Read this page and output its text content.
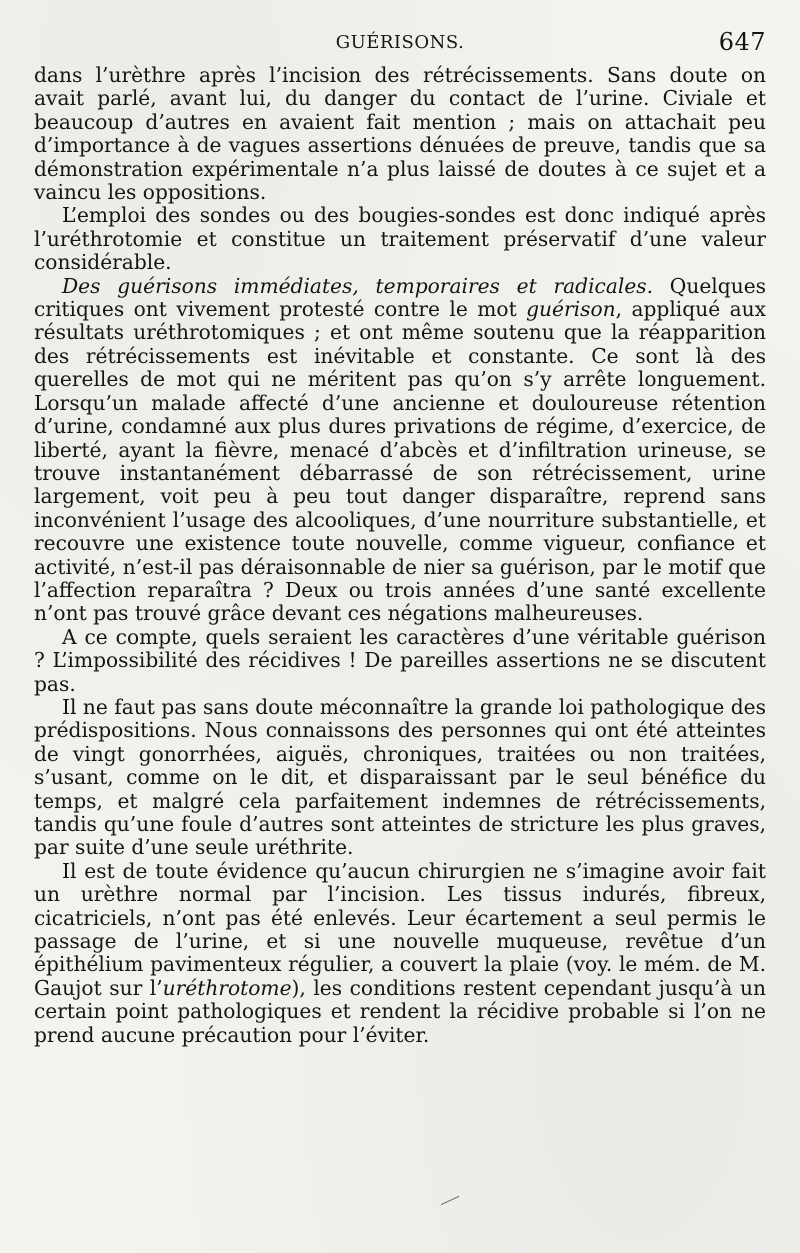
GUÉRISONS.	647

dans l’urèthre après l’incision des rétrécissements. Sans doute on avait parlé, avant lui, du danger du contact de l’urine. Civiale et beaucoup d’autres en avaient fait mention ; mais on attachait peu d’importance à de vagues assertions dénuées de preuve, tandis que sa démonstration expérimentale n’a plus laissé de doutes à ce sujet et a vaincu les oppositions.

L’emploi des sondes ou des bougies-sondes est donc indiqué après l’uréthrotomie et constitue un traitement préservatif d’une valeur considérable.

Des guérisons immédiates, temporaires et radicales. Quelques critiques ont vivement protesté contre le mot guérison, appliqué aux résultats uréthrotomiques ; et ont même soutenu que la réapparition des rétrécissements est inévitable et constante. Ce sont là des querelles de mot qui ne méritent pas qu’on s’y arrête longuement. Lorsqu’un malade affecté d’une ancienne et douloureuse rétention d’urine, condamné aux plus dures privations de régime, d’exercice, de liberté, ayant la fièvre, menacé d’abcès et d’infiltration urineuse, se trouve instantanément débarrassé de son rétrécissement, urine largement, voit peu à peu tout danger disparaître, reprend sans inconvénient l’usage des alcooliques, d’une nourriture substantielle, et recouvre une existence toute nouvelle, comme vigueur, confiance et activité, n’est-il pas déraisonnable de nier sa guérison, par le motif que l’affection reparaîtra ? Deux ou trois années d’une santé excellente n’ont pas trouvé grâce devant ces négations malheureuses.

A ce compte, quels seraient les caractères d’une véritable guérison ? L’impossibilité des récidives ! De pareilles assertions ne se discutent pas.

Il ne faut pas sans doute méconnaître la grande loi pathologique des prédispositions. Nous connaissons des personnes qui ont été atteintes de vingt gonorrhées, aiguës, chroniques, traitées ou non traitées, s’usant, comme on le dit, et disparaissant par le seul bénéfice du temps, et malgré cela parfaitement indemnes de rétrécissements, tandis qu’une foule d’autres sont atteintes de stricture les plus graves, par suite d’une seule uréthrite.

Il est de toute évidence qu’aucun chirurgien ne s’imagine avoir fait un urèthre normal par l’incision. Les tissus indurés, fibreux, cicatriciels, n’ont pas été enlevés. Leur écartement a seul permis le passage de l’urine, et si une nouvelle muqueuse, revêtue d’un épithélium pavimenteux régulier, a couvert la plaie (voy. le mém. de M. Gaujot sur l’uréthrotome), les conditions restent cependant jusqu’à un certain point pathologiques et rendent la récidive probable si l’on ne prend aucune précaution pour l’éviter.
